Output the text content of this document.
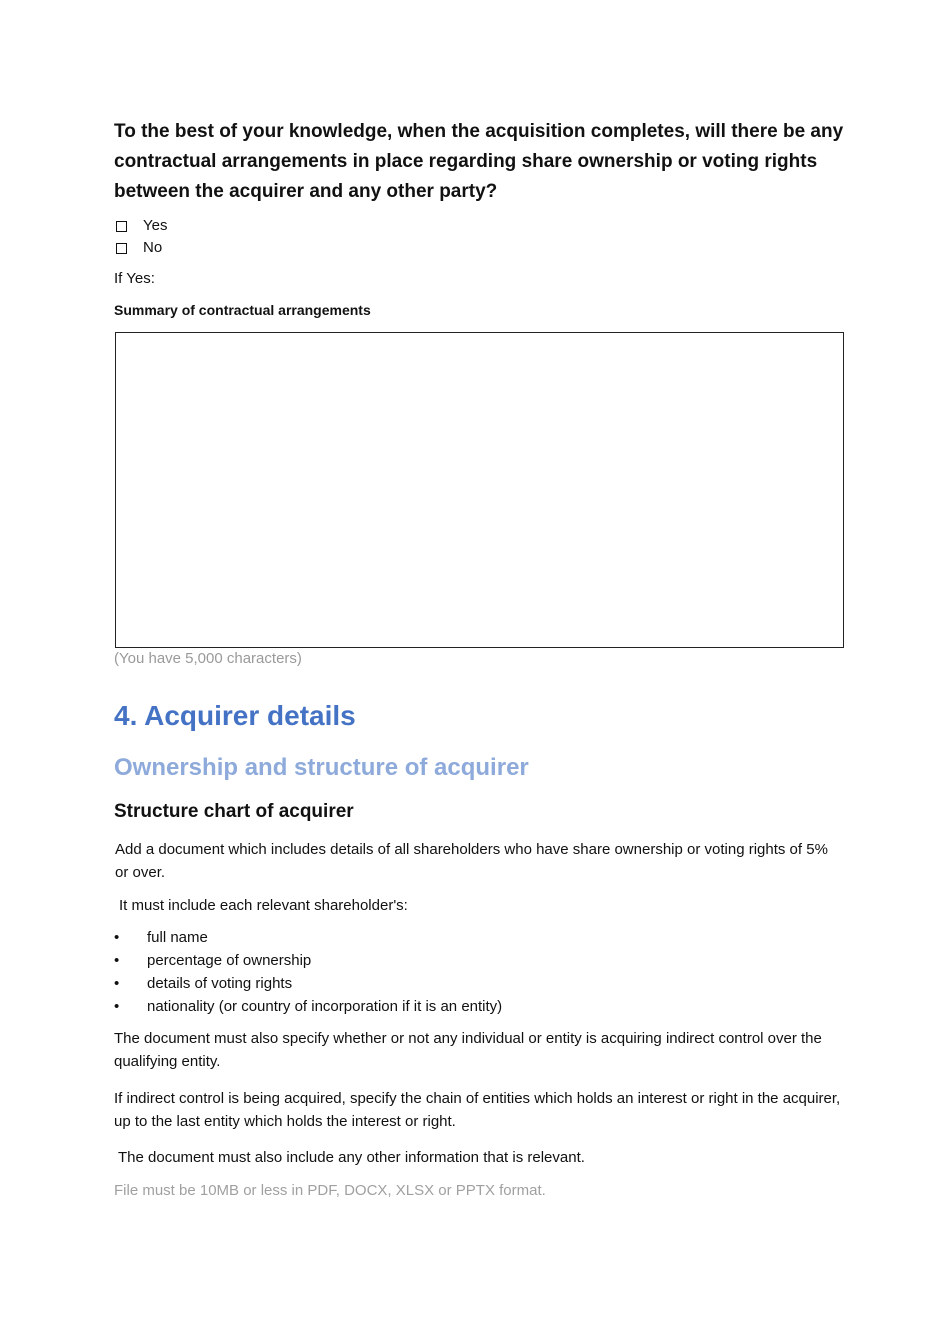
To the best of your knowledge, when the acquisition completes, will there be any contractual arrangements in place regarding share ownership or voting rights between the acquirer and any other party?

Yes
No
If Yes:
Summary of contractual arrangements
(You have 5,000 characters)
4. Acquirer details
Ownership and structure of acquirer
Structure chart of acquirer

Add a document which includes details of all shareholders who have share ownership or voting rights of 5% or over.

It must include each relevant shareholder's:

• full name
• percentage of ownership
• details of voting rights
• nationality (or country of incorporation if it is an entity)

The document must also specify whether or not any individual or entity is acquiring indirect control over the qualifying entity.

If indirect control is being acquired, specify the chain of entities which holds an interest or right in the acquirer, up to the last entity which holds the interest or right.

The document must also include any other information that is relevant.

File must be 10MB or less in PDF, DOCX, XLSX or PPTX format.
